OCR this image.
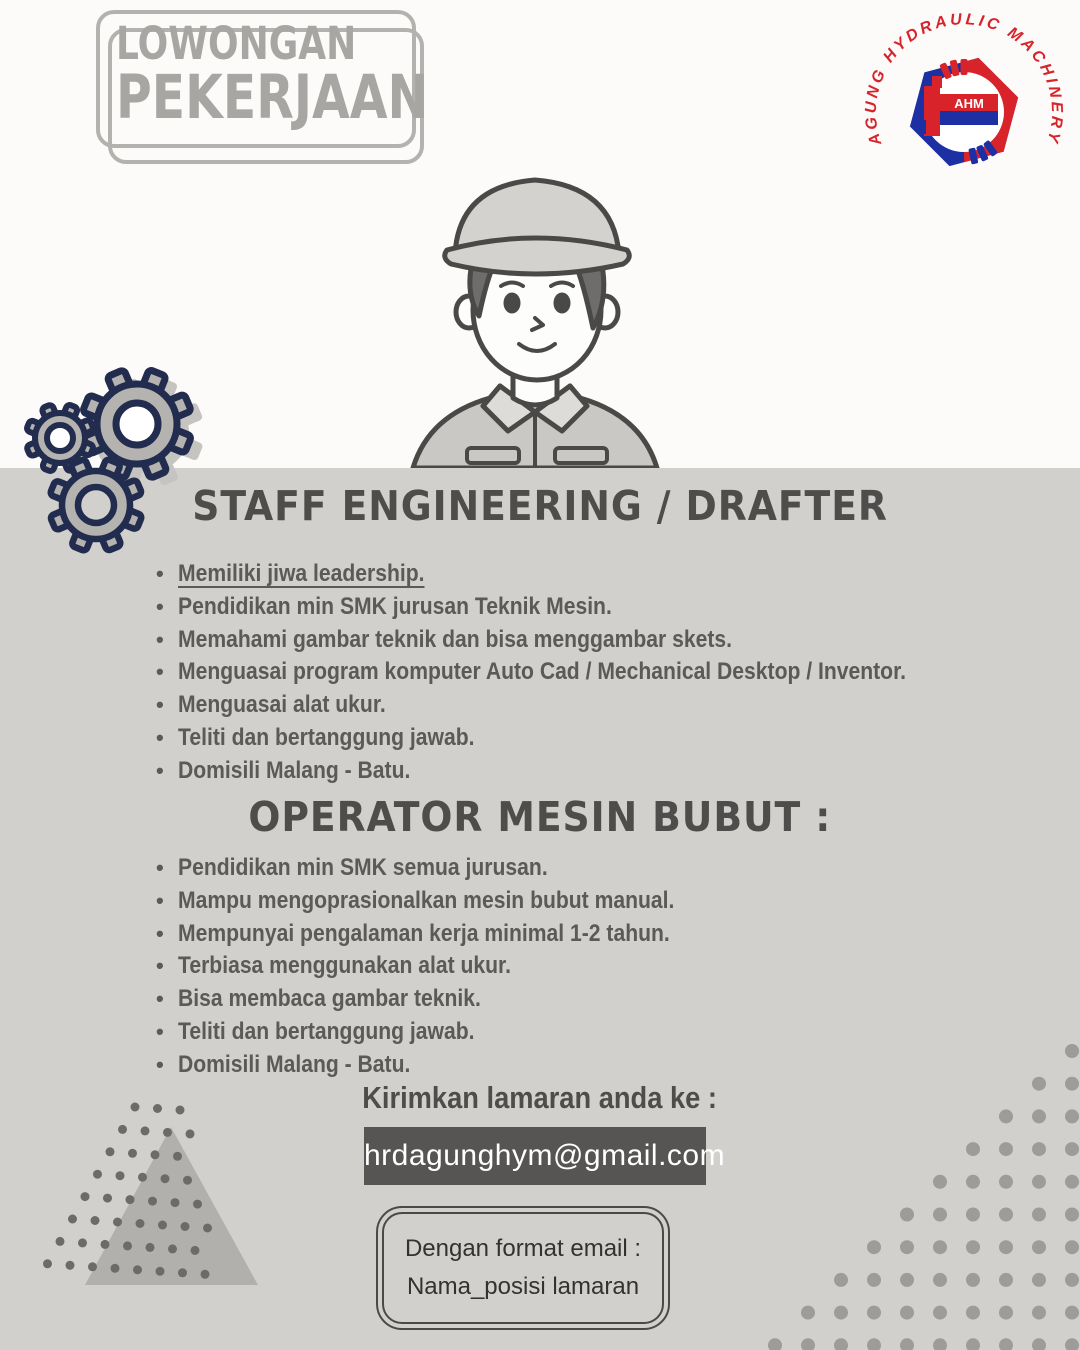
LOWONGAN
PEKERJAAN
AGUNG HYDRAULIC MACHINERY
AHM
STAFF ENGINEERING / DRAFTER
• Memiliki jiwa leadership.
• Pendidikan min SMK jurusan Teknik Mesin.
• Memahami gambar teknik dan bisa menggambar skets.
• Menguasai program komputer Auto Cad / Mechanical Desktop / Inventor.
• Menguasai alat ukur.
• Teliti dan bertanggung jawab.
• Domisili Malang - Batu.
OPERATOR MESIN BUBUT :
• Pendidikan min SMK semua jurusan.
• Mampu mengoprasionalkan mesin bubut manual.
• Mempunyai pengalaman kerja minimal 1-2 tahun.
• Terbiasa menggunakan alat ukur.
• Bisa membaca gambar teknik.
• Teliti dan bertanggung jawab.
• Domisili Malang - Batu.
Kirimkan lamaran anda ke :
hrdagunghym@gmail.com
Dengan format email :
Nama_posisi lamaran
